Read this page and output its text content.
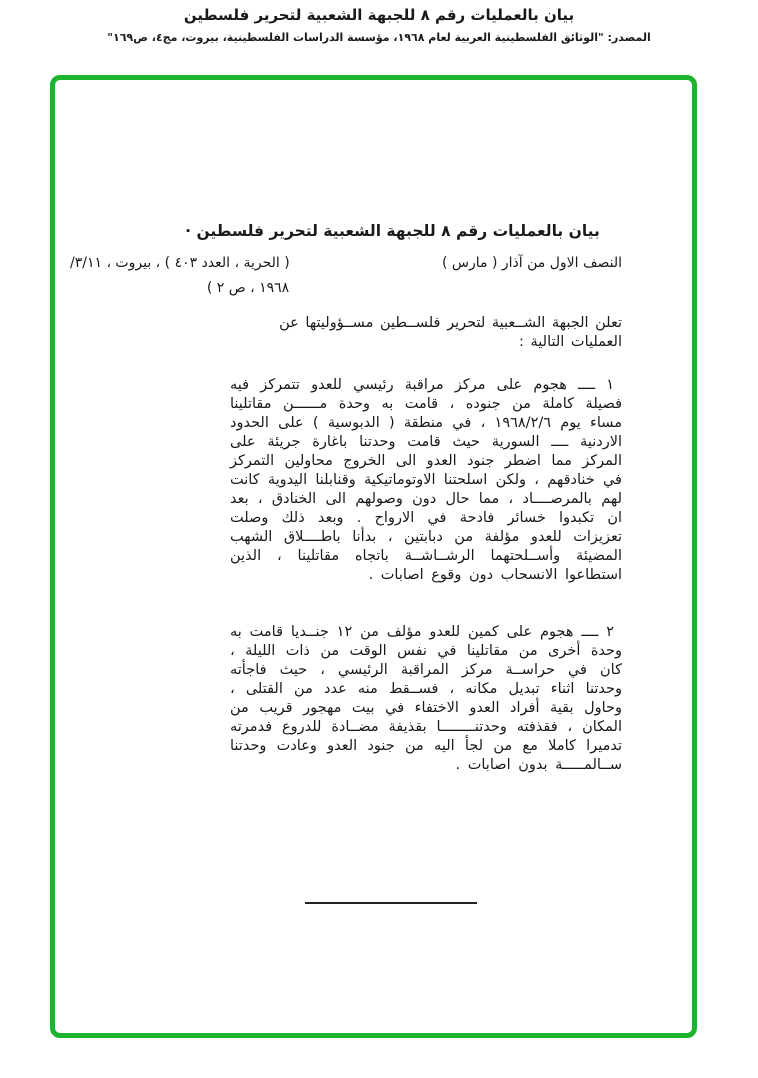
بيان بالعمليات رقم ٨ للجبهة الشعبية لتحرير فلسطين
المصدر: "الوثائق الفلسطينية العربية لعام ١٩٦٨، مؤسسة الدراسات الفلسطينية، بيروت، مج٤، ص١٦٩"
بيان بالعمليات رقم ٨ للجبهة الشعبية لتحرير فلسطين ·
النصف الاول من آذار ( مارس )
( الحرية ، العدد ٤٠٣ ) ، بيروت ، ١١‏/٣/
١٩٦٨ ، ص ٢ )
تعلن الجبهة الشــعبية لتحرير فلســطين مســؤوليتها عن العمليات التالية :
١ ــــ هجوم على مركز مراقبة رئيسي للعدو تتمركز فيه فصيلة كاملة من جنوده ، قامت به وحدة مــــــن مقاتلينا مساء يوم ١٩٦٨/٢/٦ ، في منطقة ( الدبوسية ) على الحدود الاردنية ــــ السورية حيث قامت وحدتنا باغارة جريئة على المركز مما اضطر جنود العدو الى الخروج محاولين التمركز في خنادقهم ، ولكن اسلحتنا الاوتوماتيكية وقنابلنا اليدوية كانت لهم بالمرصــــاد ، مما حال دون وصولهم الى الخنادق ، بعد ان تكبدوا خسائر فادحة في الارواح . وبعد ذلك وصلت تعزيزات للعدو مؤلفة من دبابتين ، بدأنا باطــــلاق الشهب المضيئة وأســلحتهما الرشــاشــة باتجاه مقاتلينا ، الذين استطاعوا الانسحاب دون وقوع اصابات .
٢ ــــ هجوم على كمين للعدو مؤلف من ١٢ جنــديا قامت به وحدة أخرى من مقاتلينا في نفس الوقت من ذات الليلة ، كان في حراســة مركز المراقبة الرئيسي ، حيث فاجأته وحدتنا اثناء تبديل مكانه ، فســقط منه عدد من القتلى ، وحاول بقية أفراد العدو الاختفاء في بيت مهجور قريب من المكان ، فقذفته وحدتنــــــــا بقذيفة مضــادة للدروع فدمرته تدميرا كاملا مع من لجأ اليه من جنود العدو وعادت وحدتنا ســالمـــــة بدون اصابات .
